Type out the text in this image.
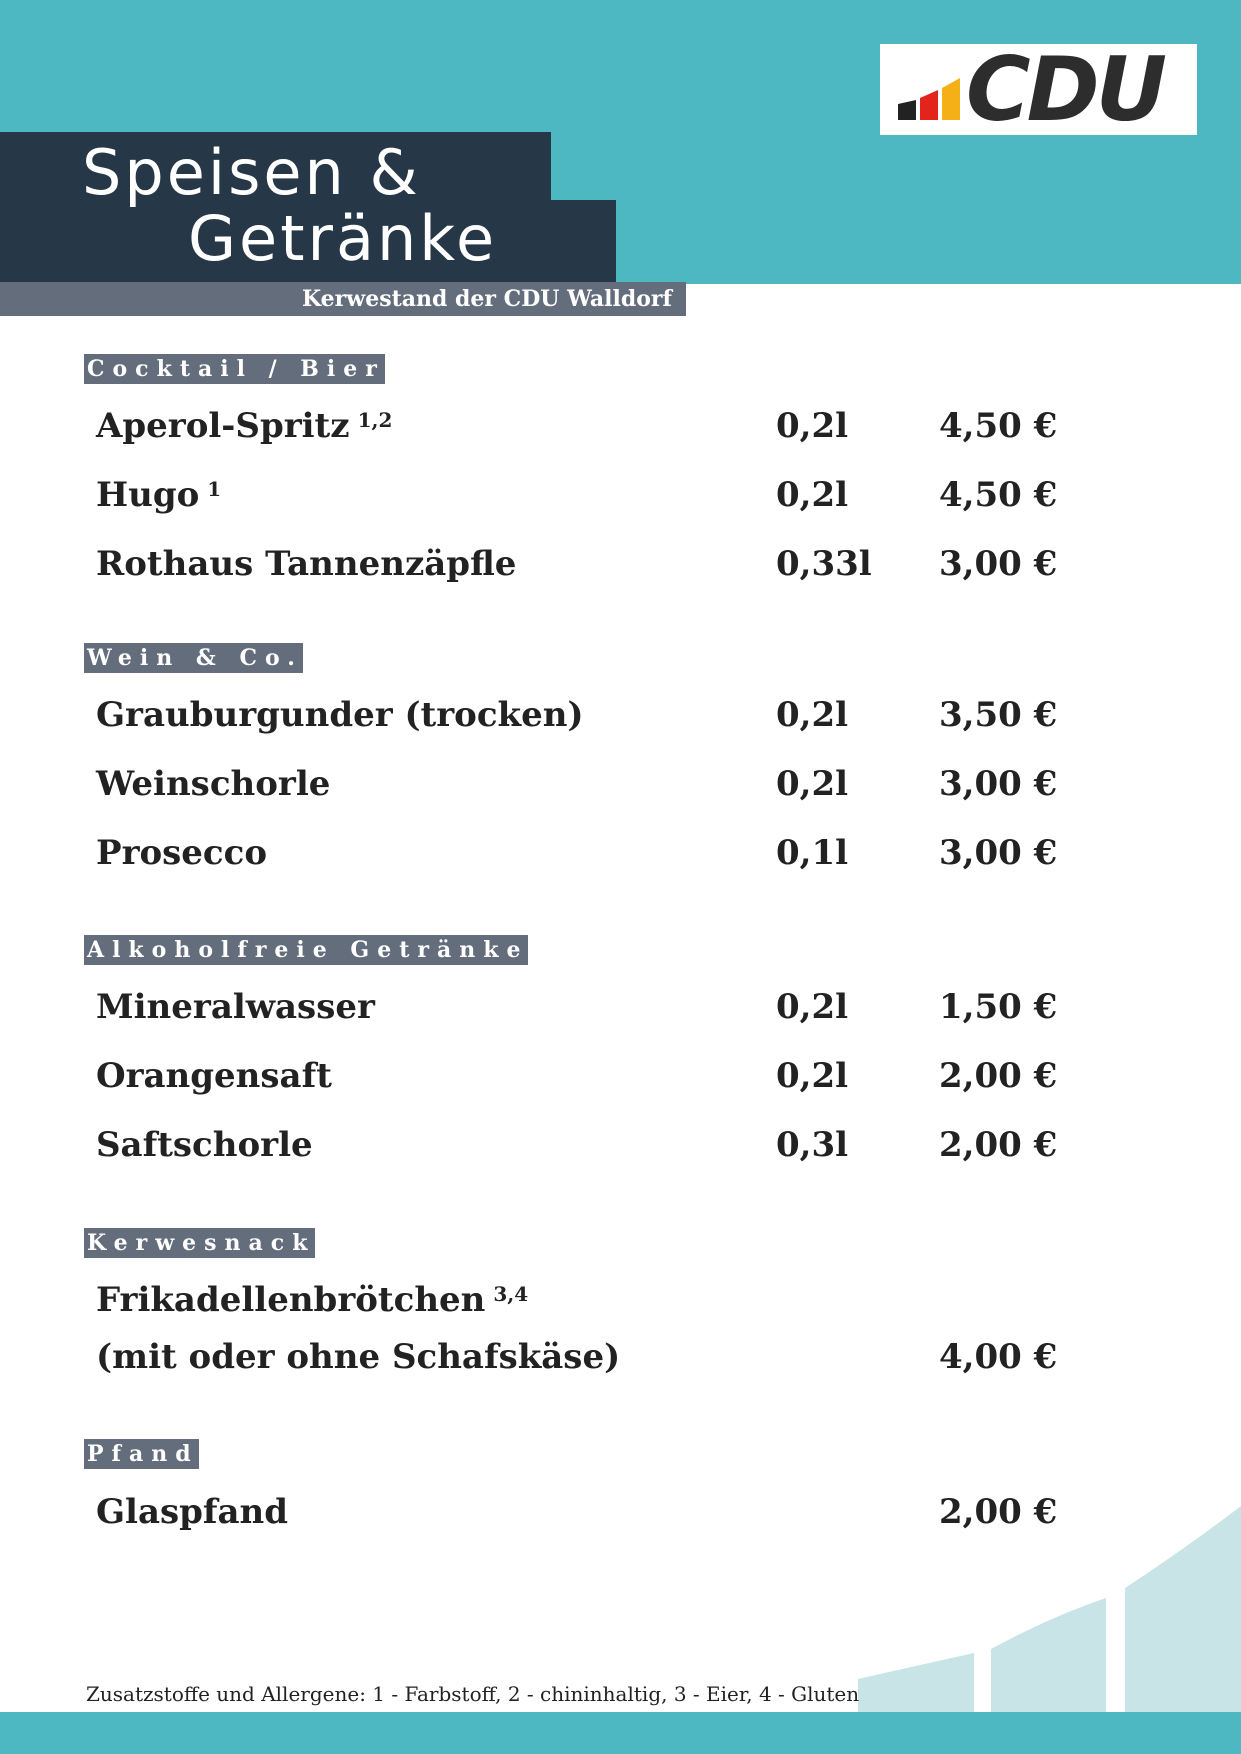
CDU
Speisen &
Getränke
Kerwestand der CDU Walldorf
Cocktail / Bier
Aperol-Spritz $^{1,2}$	0,2l	4,50 €
Hugo $^1$	0,2l	4,50 €
Rothaus Tannenzäpfle	0,33l 3,00 €
Wein & Co.
Grauburgunder (trocken)	0,2l	3,50 €
Weinschorle	0,2l	3,00 €
Prosecco	0,1l	3,00 €
Alkoholfreie Getränke
Mineralwasser	0,2l	1,50 €
Orangensaft	0,2l	2,00 €
Saftschorle	0,3l	2,00 €
Kerwesnack
Frikadellenbrötchen $^{3,4}$
(mit oder ohne Schafskäse)	4,00 €
Pfand
Glaspfand	2,00 €
Zusatzstoffe und Allergene: 1 - Farbstoff, 2 - chininhaltig, 3 - Eier, 4 - Gluten
